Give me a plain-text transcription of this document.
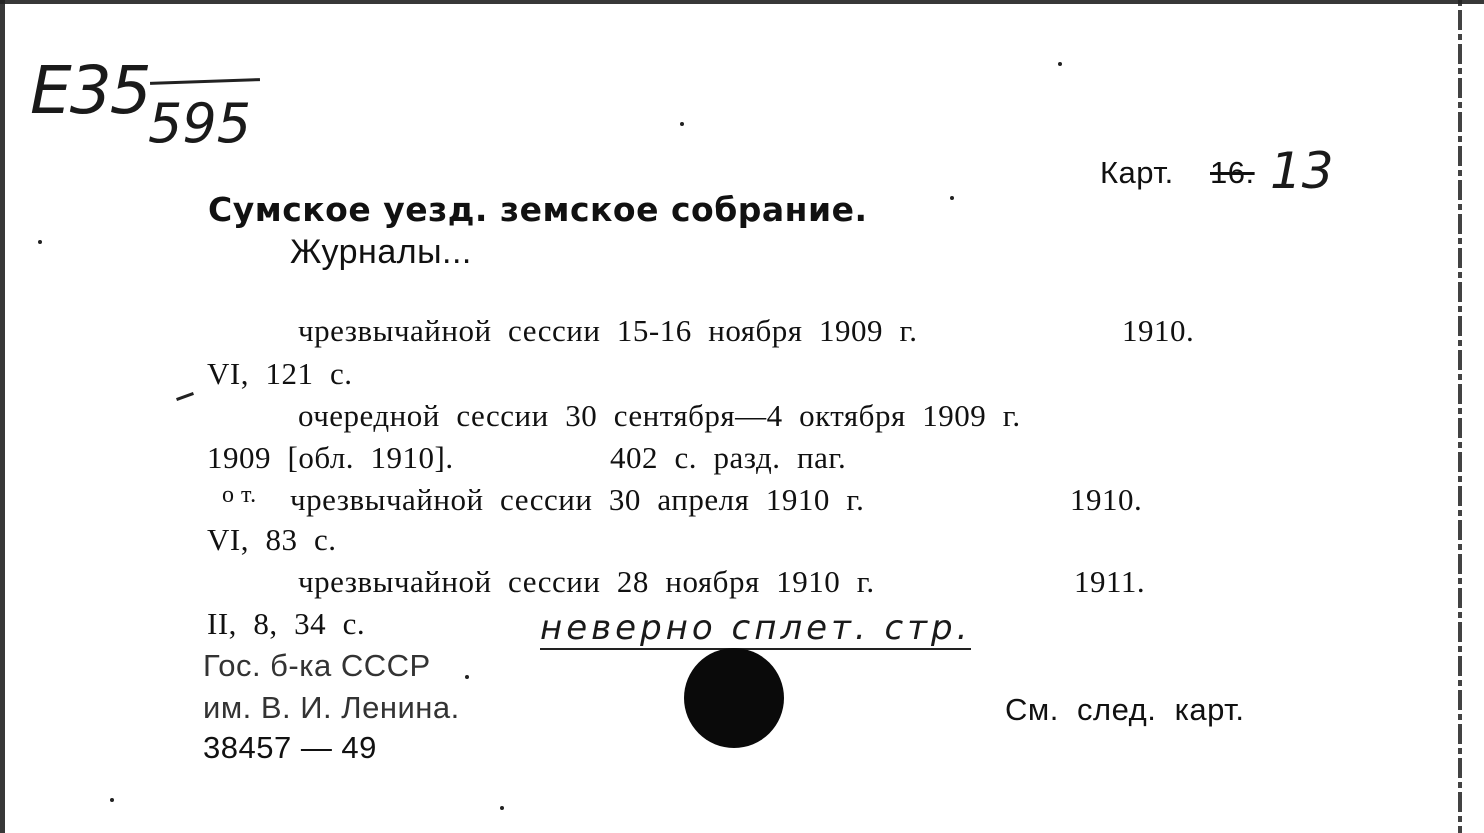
Е35
595
Карт. 16. 13
Сумское уезд. земское собрание.
Журналы...
чрезвычайной  сессии  15-16  ноября  1909  г.	1910.
VI,  121  с.
очередной  сессии  30  сентября—4  октября  1909  г.
1909  [обл.  1910].	402  с.  разд.  паг.
о т. чрезвычайной  сессии  30  апреля  1910  г.	1910.
VI,  83  с.
чрезвычайной  сессии  28  ноября  1910  г.	1911.
II,  8,  34  с.	неверно сплет. стр.
Гос. б-ка СССР
им. В. И. Ленина.
38457 — 49
См.  след.  карт.
